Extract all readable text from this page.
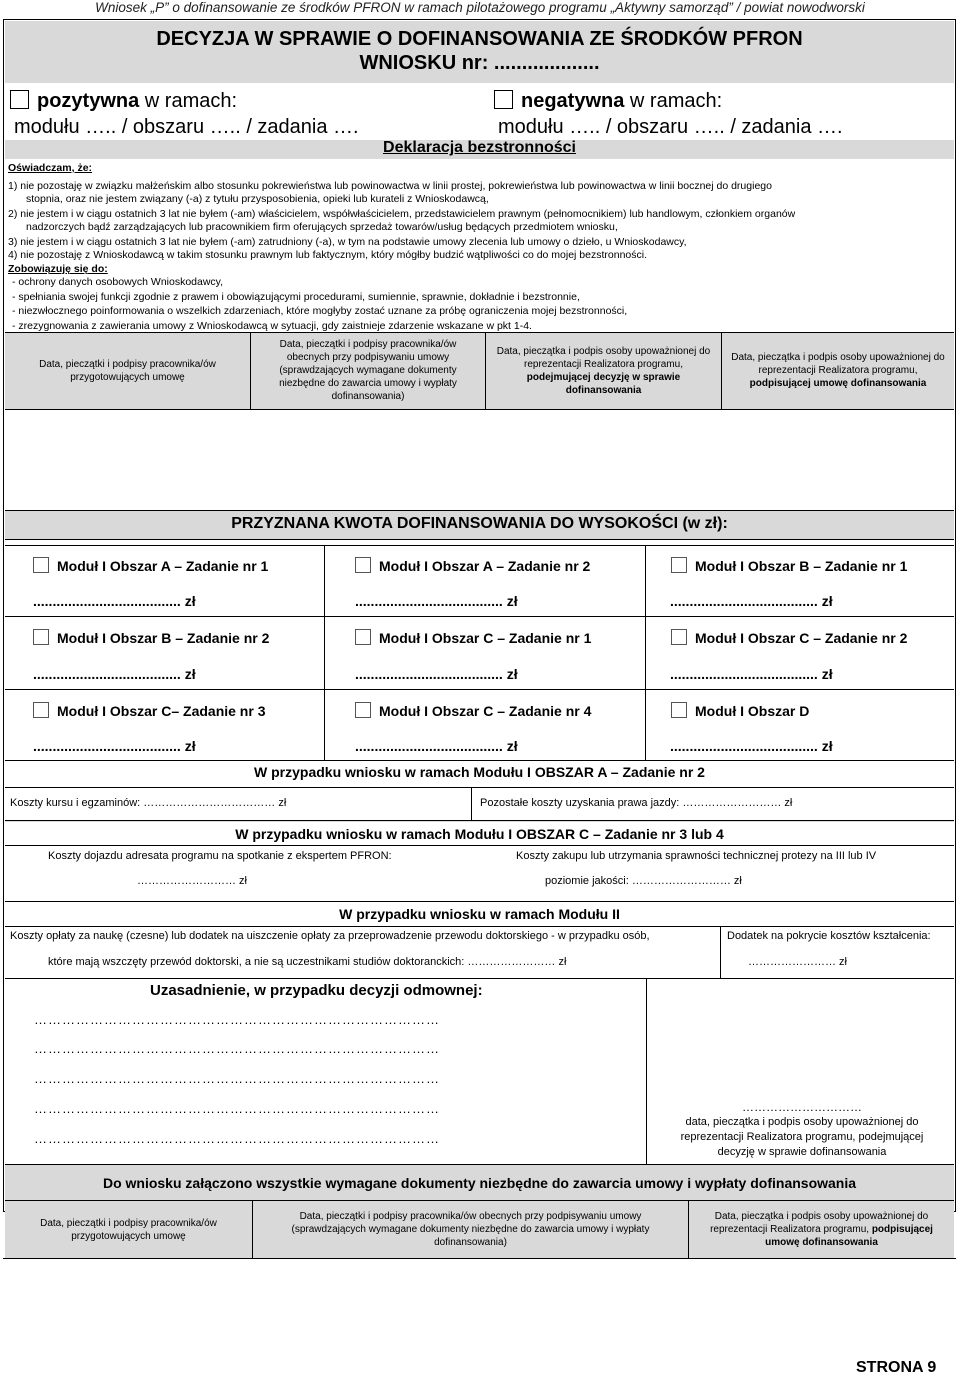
Wniosek „P” o dofinansowanie ze środków PFRON w ramach pilotażowego programu „Aktywny samorząd” / powiat nowodworski
DECYZJA W SPRAWIE O DOFINANSOWANIA ZE ŚRODKÓW PFRON
WNIOSKU nr: ...................
pozytywna w ramach:
modułu ….. / obszaru ….. / zadania ….
negatywna w ramach:
modułu ….. / obszaru ….. / zadania ….
Deklaracja bezstronności
Oświadczam, że:
1) nie pozostaję w związku małżeńskim albo stosunku pokrewieństwa lub powinowactwa w linii prostej, pokrewieństwa lub powinowactwa w linii bocznej do drugiego
stopnia, oraz nie jestem związany (-a) z tytułu przysposobienia, opieki lub kurateli z Wnioskodawcą,
2) nie jestem i w ciągu ostatnich 3 lat nie byłem (-am) właścicielem, współwłaścicielem, przedstawicielem prawnym (pełnomocnikiem) lub handlowym, członkiem organów
nadzorczych bądź zarządzających lub pracownikiem firm oferujących sprzedaż towarów/usług będących przedmiotem wniosku,
3) nie jestem i w ciągu ostatnich 3 lat nie byłem (-am) zatrudniony (-a), w tym na podstawie umowy zlecenia lub umowy o dzieło, u Wnioskodawcy,
4) nie pozostaję z Wnioskodawcą w takim stosunku prawnym lub faktycznym, który mógłby budzić wątpliwości co do mojej bezstronności.
Zobowiązuję się do:
- ochrony danych osobowych Wnioskodawcy,
- spełniania swojej funkcji zgodnie z prawem i obowiązującymi procedurami, sumiennie, sprawnie, dokładnie i bezstronnie,
- niezwłocznego poinformowania o wszelkich zdarzeniach, które mogłyby zostać uznane za próbę ograniczenia mojej bezstronności,
- zrezygnowania z zawierania umowy z Wnioskodawcą w sytuacji, gdy zaistnieje zdarzenie wskazane w pkt 1-4.
Data, pieczątki i podpisy pracownika/ów przygotowujących umowę
Data, pieczątki i podpisy pracownika/ów obecnych przy podpisywaniu umowy (sprawdzających wymagane dokumenty niezbędne do zawarcia umowy i wypłaty dofinansowania)
Data, pieczątka i podpis osoby upoważnionej do reprezentacji Realizatora programu, podejmującej decyzję w sprawie dofinansowania
Data, pieczątka i podpis osoby upoważnionej do reprezentacji Realizatora programu, podpisującej umowę dofinansowania
PRZYZNANA KWOTA DOFINANSOWANIA DO WYSOKOŚCI (w zł):
Moduł I Obszar A – Zadanie nr 1	Moduł I Obszar A – Zadanie nr 2	Moduł I Obszar B – Zadanie nr 1
...................................... zł	...................................... zł	...................................... zł
Moduł I Obszar B – Zadanie nr 2	Moduł I Obszar C – Zadanie nr 1	Moduł I Obszar C – Zadanie nr 2
...................................... zł	...................................... zł	...................................... zł
Moduł I Obszar C– Zadanie nr 3	Moduł I Obszar C – Zadanie nr 4	Moduł I Obszar D
...................................... zł	...................................... zł	...................................... zł
W przypadku wniosku w ramach Modułu I OBSZAR A – Zadanie nr 2
Koszty kursu i egzaminów: ……………………………… zł	Pozostałe koszty uzyskania prawa jazdy: ……………………… zł
W przypadku wniosku w ramach Modułu I OBSZAR C – Zadanie nr 3 lub 4
Koszty dojazdu adresata programu na spotkanie z ekspertem PFRON:
……………………… zł
Koszty zakupu lub utrzymania sprawności technicznej protezy na III lub IV
poziomie jakości: ……………………… zł
W przypadku wniosku w ramach Modułu II
Koszty opłaty za naukę (czesne) lub dodatek na uiszczenie opłaty za przeprowadzenie przewodu doktorskiego - w przypadku osób,
które mają wszczęty przewód doktorski, a nie są uczestnikami studiów doktoranckich: …………………… zł
Dodatek na pokrycie kosztów kształcenia:
…………………… zł
Uzasadnienie, w przypadku decyzji odmownej:
……………………………………………………………………………
……………………………………………………………………………
……………………………………………………………………………
……………………………………………………………………………
……………………………………………………………………………
…………………………
data, pieczątka i podpis osoby upoważnionej do reprezentacji Realizatora programu, podejmującej decyzję w sprawie dofinansowania
Do wniosku załączono wszystkie wymagane dokumenty niezbędne do zawarcia umowy i wypłaty dofinansowania
Data, pieczątki i podpisy pracownika/ów przygotowujących umowę
Data, pieczątki i podpisy pracownika/ów obecnych przy podpisywaniu umowy (sprawdzających wymagane dokumenty niezbędne do zawarcia umowy i wypłaty dofinansowania)
Data, pieczątka i podpis osoby upoważnionej do reprezentacji Realizatora programu, podpisującej umowę dofinansowania
STRONA 9
